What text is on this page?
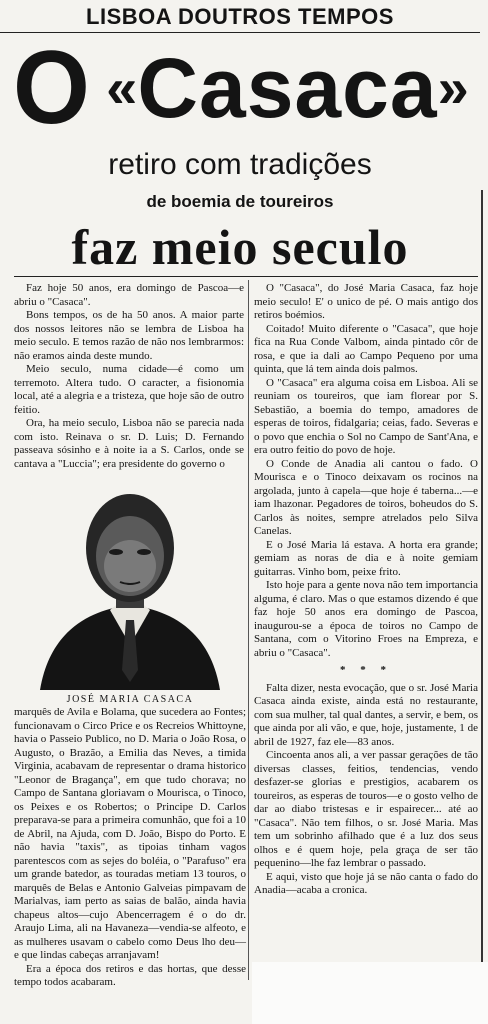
LISBOA DOUTROS TEMPOS
O « Casaca »
retiro com tradições
de boemia de toureiros
faz meio seculo

Faz hoje 50 anos, era domingo de Pascoa—e abriu o "Casaca".

Bons tempos, os de ha 50 anos. A maior parte dos nossos leitores não se lembra de Lisboa ha meio seculo. E temos razão de não nos lembrarmos: não eramos ainda deste mundo.

Meio seculo, numa cidade—é como um terremoto. Altera tudo. O caracter, a fisionomia local, até a alegria e a tristeza, que hoje são de outro feitio.

Ora, ha meio seculo, Lisboa não se parecia nada com isto. Reinava o sr. D. Luis; D. Fernando passeava sósinho e à noite ia a S. Carlos, onde se cantava a "Luccia"; era presidente do governo o

JOSÉ MARIA CASACA

marquês de Avila e Bolama, que sucedera ao Fontes; funcionavam o Circo Price e os Recreios Whittoyne, havia o Passeio Publico, no D. Maria o João Rosa, o Augusto, o Brazão, a Emilia das Neves, a timida Virginia, acabavam de representar o drama historico "Leonor de Bragança", em que tudo chorava; no Campo de Santana gloriavam o Mourisca, o Tinoco, os Peixes e os Robertos; o Principe D. Carlos preparava-se para a primeira comunhão, que foi a 10 de Abril, na Ajuda, com D. João, Bispo do Porto. E não havia "taxis", as tipoias tinham vagos parentescos com as sejes do boléia, o "Parafuso" era um grande batedor, as touradas metiam 13 touros, o marquês de Belas e Antonio Galveias pimpavam de Marialvas, iam perto as saias de balão, ainda havia chapeus altos—cujo Abencerragem é o do dr. Araujo Lima, ali na Havaneza—vendia-se alfeoto, e as mulheres usavam o cabelo como Deus lho deu—e que lindas cabeças arranjavam!

Era a época dos retiros e das hortas, que desse tempo todos acabaram.

O "Casaca", do José Maria Casaca, faz hoje meio seculo! E' o unico de pé. O mais antigo dos retiros boémios.

Coitado! Muito diferente o "Casaca", que hoje fica na Rua Conde Valbom, ainda pintado côr de rosa, e que ia dali ao Campo Pequeno por uma quinta, que lá tem ainda dois palmos.

O "Casaca" era alguma coisa em Lisboa. Ali se reuniam os toureiros, que iam florear por S. Sebastião, a boemia do tempo, amadores de esperas de toiros, fidalgaria; ceias, fado. Severas e o povo que enchia o Sol no Campo de Sant'Ana, e era outro feitio do povo de hoje.

O Conde de Anadia ali cantou o fado. O Mourisca e o Tinoco deixavam os rocinos na argolada, junto à capela—que hoje é taberna...—e iam lhazonar. Pegadores de toiros, boheudos do S. Carlos às noites, sempre atrelados pelo Silva Canelas.

E o José Maria lá estava. A horta era grande; gemiam as noras de dia e à noite gemiam guitarras. Vinho bom, peixe frito.

Isto hoje para a gente nova não tem importancia alguma, é claro. Mas o que estamos dizendo é que faz hoje 50 anos era domingo de Pascoa, inaugurou-se a época de toiros no Campo de Santana, com o Vitorino Froes na Empreza, e abriu o "Casaca".

* * *

Falta dizer, nesta evocação, que o sr. José Maria Casaca ainda existe, ainda está no restaurante, com sua mulher, tal qual dantes, a servir, e bem, os que ainda por ali vão, e que, hoje, justamente, 1 de abril de 1927, faz ele—83 anos.

Cincoenta anos ali, a ver passar gerações de tão diversas classes, feitios, tendencias, vendo desfazer-se glorias e prestigios, acabarem os toureiros, as esperas de touros—e o gosto velho de dar ao diabo tristesas e ir espairecer... até ao "Casaca". Não tem filhos, o sr. José Maria. Mas tem um sobrinho afilhado que é a luz dos seus olhos e é quem hoje, pela graça de ser tão pequenino—lhe faz lembrar o passado.

E aqui, visto que hoje já se não canta o fado do Anadia—acaba a cronica.
